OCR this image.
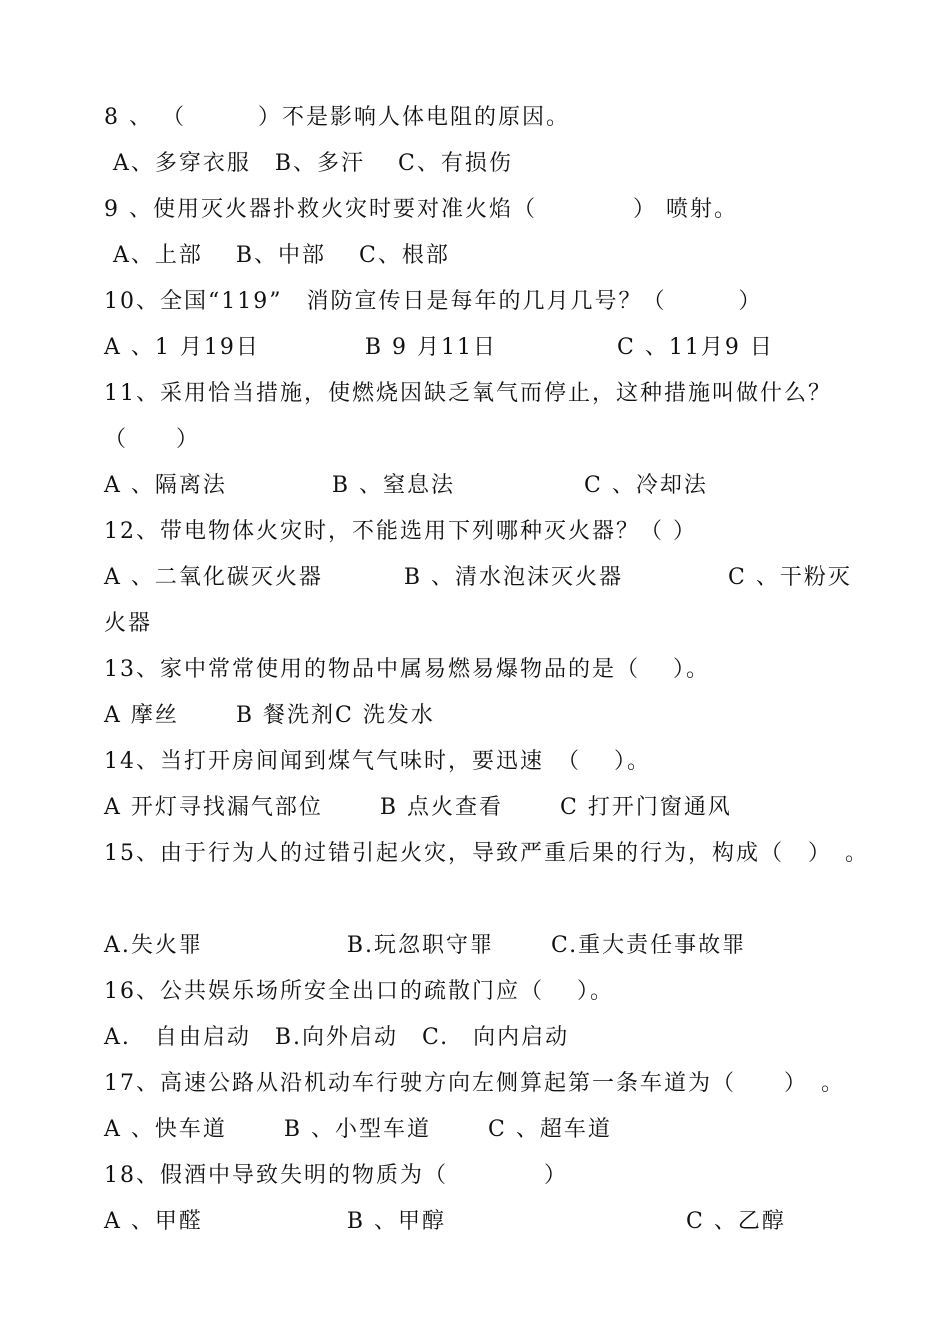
8 、 （　　　）不是影响人体电阻的原因。
A、多穿衣服　B、多汗　 C、有损伤
9 、使用灭火器扑救火灾时要对准火焰（　　　　） 喷射。
A、上部　 B、中部　 C、根部
10、全国“119”　消防宣传日是每年的几月几号？（　　　）
A 、1 月19日　　　　 B 9 月11日　　　　　C 、11月9 日
11、采用恰当措施，使燃烧因缺乏氧气而停止，这种措施叫做什么？
（　　）
A 、隔离法　　　　 B 、窒息法　　　　　 C 、冷却法
12、带电物体火灾时，不能选用下列哪种灭火器？（ ）
A 、二氧化碳灭火器　　　 B 、清水泡沫灭火器　　　　 C 、干粉灭
火器
13、家中常常使用的物品中属易燃易爆物品的是（　 ）。
A 摩丝　　 B 餐洗剂C 洗发水
14、当打开房间闻到煤气气味时，要迅速　（　 ）。
A 开灯寻找漏气部位　　 B 点火查看　　 C 打开门窗通风
15、由于行为人的过错引起火灾，导致严重后果的行为，构成（　）　。
A.失火罪　　　　　　B.玩忽职守罪　　 C.重大责任事故罪
16、公共娱乐场所安全出口的疏散门应（　 ）。
A.　自由启动　B.向外启动　C.　向内启动
17、高速公路从沿机动车行驶方向左侧算起第一条车道为（　　）　。
A 、快车道　　 B 、小型车道　　 C 、超车道
18、假酒中导致失明的物质为（　　　　）
A 、甲醛　　　　　　B 、甲醇　　　　　　　　　　C 、乙醇
